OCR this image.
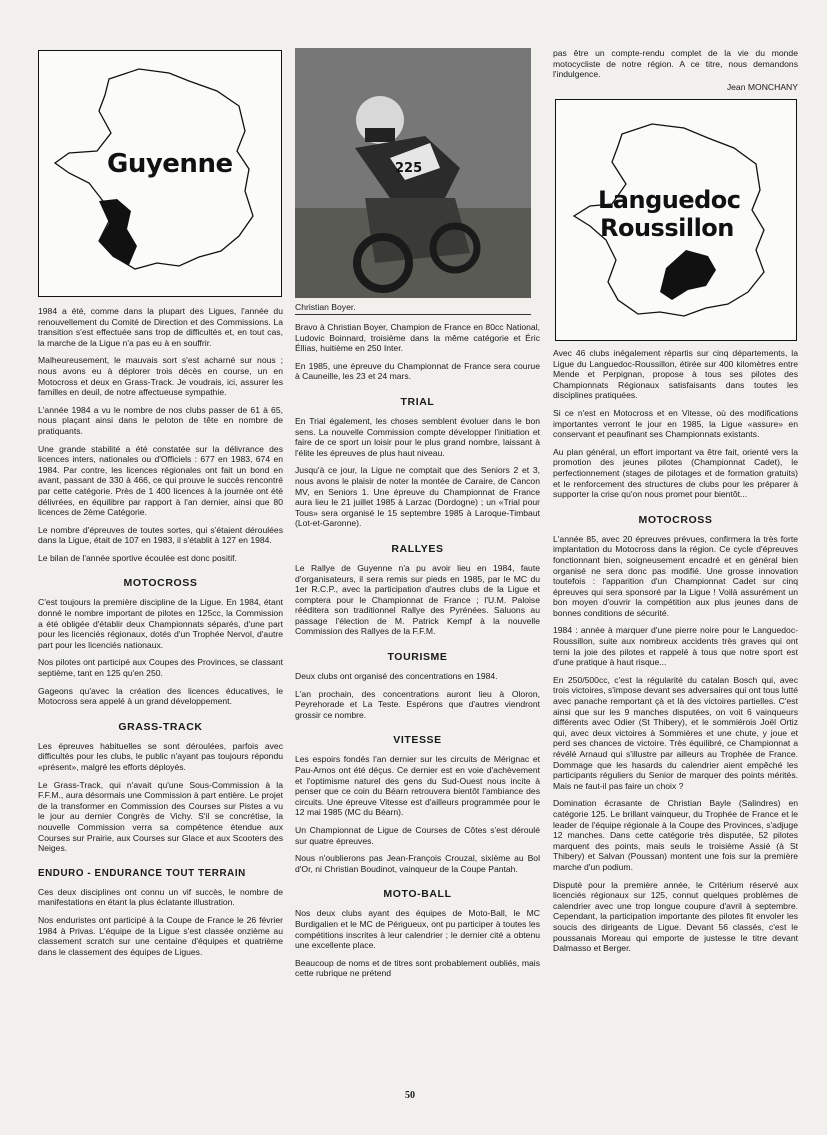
Guyenne	225
Christian Boyer.
Languedoc
Roussillon

1984 a été, comme dans la plupart des Ligues, l'année du renouvellement du Comité de Direction et des Commissions. La transition s'est effectuée sans trop de difficultés et, en tout cas, la marche de la Ligue n'a pas eu à en souffrir.

Malheureusement, le mauvais sort s'est acharné sur nous ; nous avons eu à déplorer trois décès en course, un en Motocross et deux en Grass-Track. Je voudrais, ici, assurer les familles en deuil, de notre affectueuse sympathie.

L'année 1984 a vu le nombre de nos clubs passer de 61 à 65, nous plaçant ainsi dans le peloton de tête en nombre de pratiquants.

Une grande stabilité a été constatée sur la délivrance des licences inters, nationales ou d'Officiels : 677 en 1983, 674 en 1984. Par contre, les licences régionales ont fait un bond en avant, passant de 330 à 466, ce qui prouve le succès rencontré par cette catégorie. Près de 1 400 licences à la journée ont été délivrées, en équilibre par rapport à l'an dernier, ainsi que 80 licences de 2ème Catégorie.

Le nombre d'épreuves de toutes sortes, qui s'étaient déroulées dans la Ligue, était de 107 en 1983, il s'établit à 127 en 1984.

Le bilan de l'année sportive écoulée est donc positif.

MOTOCROSS

C'est toujours la première discipline de la Ligue. En 1984, étant donné le nombre important de pilotes en 125cc, la Commission a été obligée d'établir deux Championnats séparés, d'une part pour les licenciés régionaux, dotés d'un Trophée Nervol, d'autre part pour les licenciés nationaux.

Nos pilotes ont participé aux Coupes des Provinces, se classant septième, tant en 125 qu'en 250.

Gageons qu'avec la création des licences éducatives, le Motocross sera appelé à un grand développement.

GRASS-TRACK

Les épreuves habituelles se sont déroulées, parfois avec difficultés pour les clubs, le public n'ayant pas toujours répondu «présent», malgré les efforts déployés.

Le Grass-Track, qui n'avait qu'une Sous-Commission à la F.F.M., aura désormais une Commission à part entière. Le projet de la transformer en Commission des Courses sur Pistes a vu le jour au dernier Congrès de Vichy. S'il se concrétise, la nouvelle Commission verra sa compétence étendue aux Courses sur Prairie, aux Courses sur Glace et aux Scooters des Neiges.

ENDURO - ENDURANCE TOUT TERRAIN

Ces deux disciplines ont connu un vif succès, le nombre de manifestations en étant la plus éclatante illustration.

Nos enduristes ont participé à la Coupe de France le 26 février 1984 à Privas. L'équipe de la Ligue s'est classée onzième au classement scratch sur une centaine d'équipes et quatrième dans le classement des équipes de Ligues.

Bravo à Christian Boyer, Champion de France en 80cc National, Ludovic Boinnard, troisième dans la même catégorie et Éric Éllias, huitième en 250 Inter.

En 1985, une épreuve du Championnat de France sera courue à Cauneille, les 23 et 24 mars.

TRIAL

En Trial également, les choses semblent évoluer dans le bon sens. La nouvelle Commission compte développer l'initiation et faire de ce sport un loisir pour le plus grand nombre, laissant à l'élite les épreuves de plus haut niveau.

Jusqu'à ce jour, la Ligue ne comptait que des Seniors 2 et 3, nous avons le plaisir de noter la montée de Caraire, de Cancon MV, en Seniors 1. Une épreuve du Championnat de France aura lieu le 21 juillet 1985 à Larzac (Dordogne) ; un «Trial pour Tous» sera organisé le 15 septembre 1985 à Laroque-Timbaut (Lot-et-Garonne).

RALLYES

Le Rallye de Guyenne n'a pu avoir lieu en 1984, faute d'organisateurs, il sera remis sur pieds en 1985, par le MC du 1er R.C.P., avec la participation d'autres clubs de la Ligue et comptera pour le Championnat de France ; l'U.M. Paloise rééditera son traditionnel Rallye des Pyrénées. Saluons au passage l'élection de M. Patrick Kempf à la nouvelle Commission des Rallyes de la F.F.M.

TOURISME

Deux clubs ont organisé des concentrations en 1984.

L'an prochain, des concentrations auront lieu à Oloron, Peyrehorade et La Teste. Espérons que d'autres viendront grossir ce nombre.

VITESSE

Les espoirs fondés l'an dernier sur les circuits de Mérignac et Pau-Arnos ont été déçus. Ce dernier est en voie d'achèvement et l'optimisme naturel des gens du Sud-Ouest nous incite à penser que ce coin du Béarn retrouvera bientôt l'ambiance des circuits. Une épreuve Vitesse est d'ailleurs programmée pour le 12 mai 1985 (MC du Béarn).

Un Championnat de Ligue de Courses de Côtes s'est déroulé sur quatre épreuves.

Nous n'oublierons pas Jean-François Crouzal, sixième au Bol d'Or, ni Christian Boudinot, vainqueur de la Coupe Pantah.

MOTO-BALL

Nos deux clubs ayant des équipes de Moto-Ball, le MC Burdigalien et le MC de Périgueux, ont pu participer à toutes les compétitions inscrites à leur calendrier ; le dernier cité a obtenu une excellente place.

Beaucoup de noms et de titres sont probablement oubliés, mais cette rubrique ne prétend

pas être un compte-rendu complet de la vie du monde motocycliste de notre région. A ce titre, nous demandons l'indulgence.

Jean MONCHANY

Avec 46 clubs inégalement répartis sur cinq départements, la Ligue du Languedoc-Roussillon, étirée sur 400 kilomètres entre Mende et Perpignan, propose à tous ses pilotes des Championnats Régionaux satisfaisants dans toutes les disciplines pratiquées.

Si ce n'est en Motocross et en Vitesse, où des modifications importantes verront le jour en 1985, la Ligue «assure» en conservant et peaufinant ses Championnats existants.

Au plan général, un effort important va être fait, orienté vers la promotion des jeunes pilotes (Championnat Cadet), le perfectionnement (stages de pilotages et de formation gratuits) et le renforcement des structures de clubs pour les préparer à supporter la crise qu'on nous promet pour bientôt...

MOTOCROSS

L'année 85, avec 20 épreuves prévues, confirmera la très forte implantation du Motocross dans la région. Ce cycle d'épreuves fonctionnant bien, soigneusement encadré et en général bien organisé ne sera donc pas modifié. Une grosse innovation toutefois : l'apparition d'un Championnat Cadet sur cinq épreuves qui sera sponsoré par la Ligue ! Voilà assurément un bon moyen d'ouvrir la compétition aux plus jeunes dans de bonnes conditions de sécurité.

1984 : année à marquer d'une pierre noire pour le Languedoc-Roussillon, suite aux nombreux accidents très graves qui ont terni la joie des pilotes et rappelé à tous que notre sport est d'une pratique à haut risque...

En 250/500cc, c'est la régularité du catalan Bosch qui, avec trois victoires, s'impose devant ses adversaires qui ont tous lutté avec panache remportant çà et là des victoires partielles. C'est ainsi que sur les 9 manches disputées, on voit 6 vainqueurs différents avec Odier (St Thibery), et le sommiérois Joël Ortiz qui, avec deux victoires à Sommières et une chute, y joue et perd ses chances de victoire. Très équilibré, ce Championnat a révélé Arnaud qui s'illustre par ailleurs au Trophée de France. Dommage que les hasards du calendrier aient empêché les participants réguliers du Senior de marquer des points mérités. Mais ne faut-il pas faire un choix ?

Domination écrasante de Christian Bayle (Salindres) en catégorie 125. Le brillant vainqueur, du Trophée de France et le leader de l'équipe régionale à la Coupe des Provinces, s'adjuge 12 manches. Dans cette catégorie très disputée, 52 pilotes marquent des points, mais seuls le troisième Assié (à St Thibery) et Salvan (Poussan) montent une fois sur la première marche d'un podium.

Disputé pour la première année, le Critérium réservé aux licenciés régionaux sur 125, connut quelques problèmes de calendrier avec une trop longue coupure d'avril à septembre. Cependant, la participation importante des pilotes fit envoler les soucis des dirigeants de Ligue. Devant 56 classés, c'est le poussanais Moreau qui emporte de justesse le titre devant Dalmasso et Berger.

50
